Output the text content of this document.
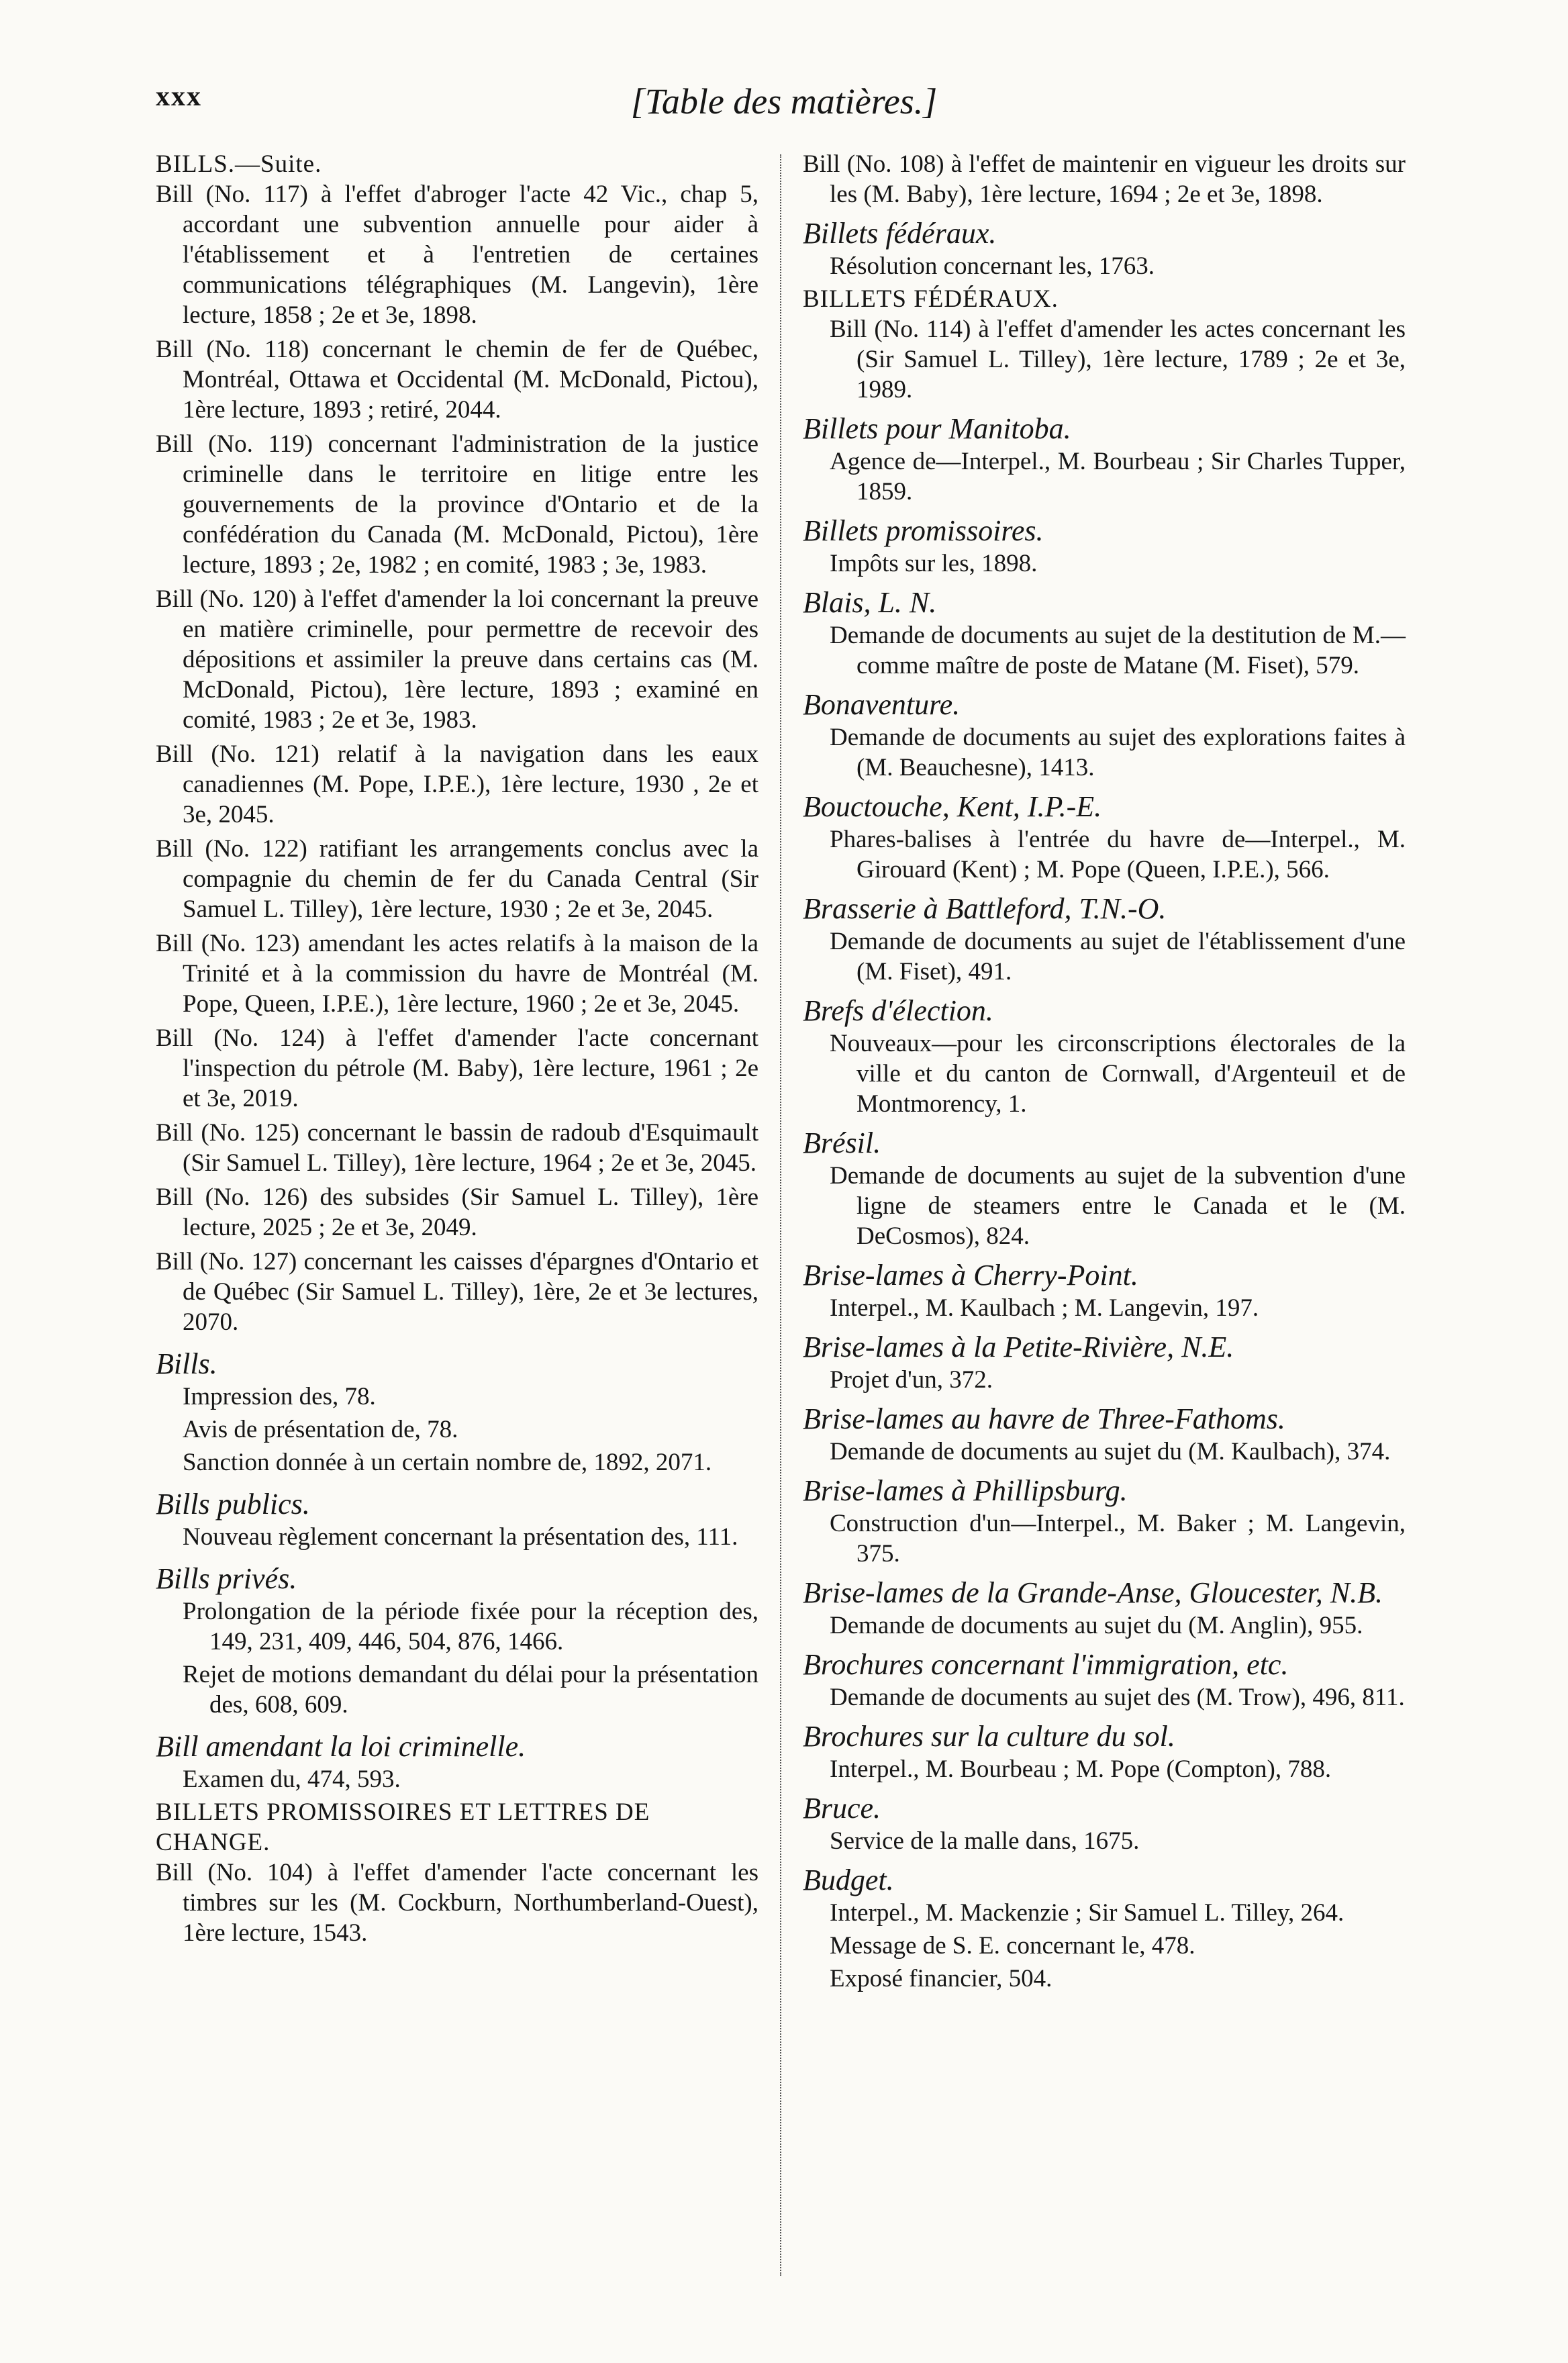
xxx	[Table des matières.]

BILLS.—Suite.

Bill (No. 117) à l'effet d'abroger l'acte 42 Vic., chap 5, accordant une subvention annuelle pour aider à l'établissement et à l'entretien de certaines communications télégraphiques (M. Langevin), 1ère lecture, 1858 ; 2e et 3e, 1898.

Bill (No. 118) concernant le chemin de fer de Québec, Montréal, Ottawa et Occidental (M. McDonald, Pictou), 1ère lecture, 1893 ; retiré, 2044.

Bill (No. 119) concernant l'administration de la justice criminelle dans le territoire en litige entre les gouvernements de la province d'Ontario et de la confédération du Canada (M. McDonald, Pictou), 1ère lecture, 1893 ; 2e, 1982 ; en comité, 1983 ; 3e, 1983.

Bill (No. 120) à l'effet d'amender la loi concernant la preuve en matière criminelle, pour permettre de recevoir des dépositions et assimiler la preuve dans certains cas (M. McDonald, Pictou), 1ère lecture, 1893 ; examiné en comité, 1983 ; 2e et 3e, 1983.

Bill (No. 121) relatif à la navigation dans les eaux canadiennes (M. Pope, I.P.E.), 1ère lecture, 1930 , 2e et 3e, 2045.

Bill (No. 122) ratifiant les arrangements conclus avec la compagnie du chemin de fer du Canada Central (Sir Samuel L. Tilley), 1ère lecture, 1930 ; 2e et 3e, 2045.

Bill (No. 123) amendant les actes relatifs à la maison de la Trinité et à la commission du havre de Montréal (M. Pope, Queen, I.P.E.), 1ère lecture, 1960 ; 2e et 3e, 2045.

Bill (No. 124) à l'effet d'amender l'acte concernant l'inspection du pétrole (M. Baby), 1ère lecture, 1961 ; 2e et 3e, 2019.

Bill (No. 125) concernant le bassin de radoub d'Esquimault (Sir Samuel L. Tilley), 1ère lecture, 1964 ; 2e et 3e, 2045.

Bill (No. 126) des subsides (Sir Samuel L. Tilley), 1ère lecture, 2025 ; 2e et 3e, 2049.

Bill (No. 127) concernant les caisses d'épargnes d'Ontario et de Québec (Sir Samuel L. Tilley), 1ère, 2e et 3e lectures, 2070.

Bills.

Impression des, 78.

Avis de présentation de, 78.

Sanction donnée à un certain nombre de, 1892, 2071.

Bills publics.

Nouveau règlement concernant la présentation des, 111.

Bills privés.

Prolongation de la période fixée pour la réception des, 149, 231, 409, 446, 504, 876, 1466.

Rejet de motions demandant du délai pour la présentation des, 608, 609.

Bill amendant la loi criminelle.

Examen du, 474, 593.

BILLETS PROMISSOIRES ET LETTRES DE CHANGE.

Bill (No. 104) à l'effet d'amender l'acte concernant les timbres sur les (M. Cockburn, Northumberland-Ouest), 1ère lecture, 1543.

Bill (No. 108) à l'effet de maintenir en vigueur les droits sur les (M. Baby), 1ère lecture, 1694 ; 2e et 3e, 1898.

Billets fédéraux.

Résolution concernant les, 1763.

BILLETS FÉDÉRAUX.

Bill (No. 114) à l'effet d'amender les actes concernant les (Sir Samuel L. Tilley), 1ère lecture, 1789 ; 2e et 3e, 1989.

Billets pour Manitoba.

Agence de—Interpel., M. Bourbeau ; Sir Charles Tupper, 1859.

Billets promissoires.

Impôts sur les, 1898.

Blais, L. N.

Demande de documents au sujet de la destitution de M.— comme maître de poste de Matane (M. Fiset), 579.

Bonaventure.

Demande de documents au sujet des explorations faites à (M. Beauchesne), 1413.

Bouctouche, Kent, I.P.-E.

Phares-balises à l'entrée du havre de—Interpel., M. Girouard (Kent) ; M. Pope (Queen, I.P.E.), 566.

Brasserie à Battleford, T.N.-O.

Demande de documents au sujet de l'établissement d'une (M. Fiset), 491.

Brefs d'élection.

Nouveaux—pour les circonscriptions électorales de la ville et du canton de Cornwall, d'Argenteuil et de Montmorency, 1.

Brésil.

Demande de documents au sujet de la subvention d'une ligne de steamers entre le Canada et le (M. DeCosmos), 824.

Brise-lames à Cherry-Point.

Interpel., M. Kaulbach ; M. Langevin, 197.

Brise-lames à la Petite-Rivière, N.E.

Projet d'un, 372.

Brise-lames au havre de Three-Fathoms.

Demande de documents au sujet du (M. Kaulbach), 374.

Brise-lames à Phillipsburg.

Construction d'un—Interpel., M. Baker ; M. Langevin, 375.

Brise-lames de la Grande-Anse, Gloucester, N.B.

Demande de documents au sujet du (M. Anglin), 955.

Brochures concernant l'immigration, etc.

Demande de documents au sujet des (M. Trow), 496, 811.

Brochures sur la culture du sol.

Interpel., M. Bourbeau ; M. Pope (Compton), 788.

Bruce.

Service de la malle dans, 1675.

Budget.

Interpel., M. Mackenzie ; Sir Samuel L. Tilley, 264.

Message de S. E. concernant le, 478.

Exposé financier, 504.
